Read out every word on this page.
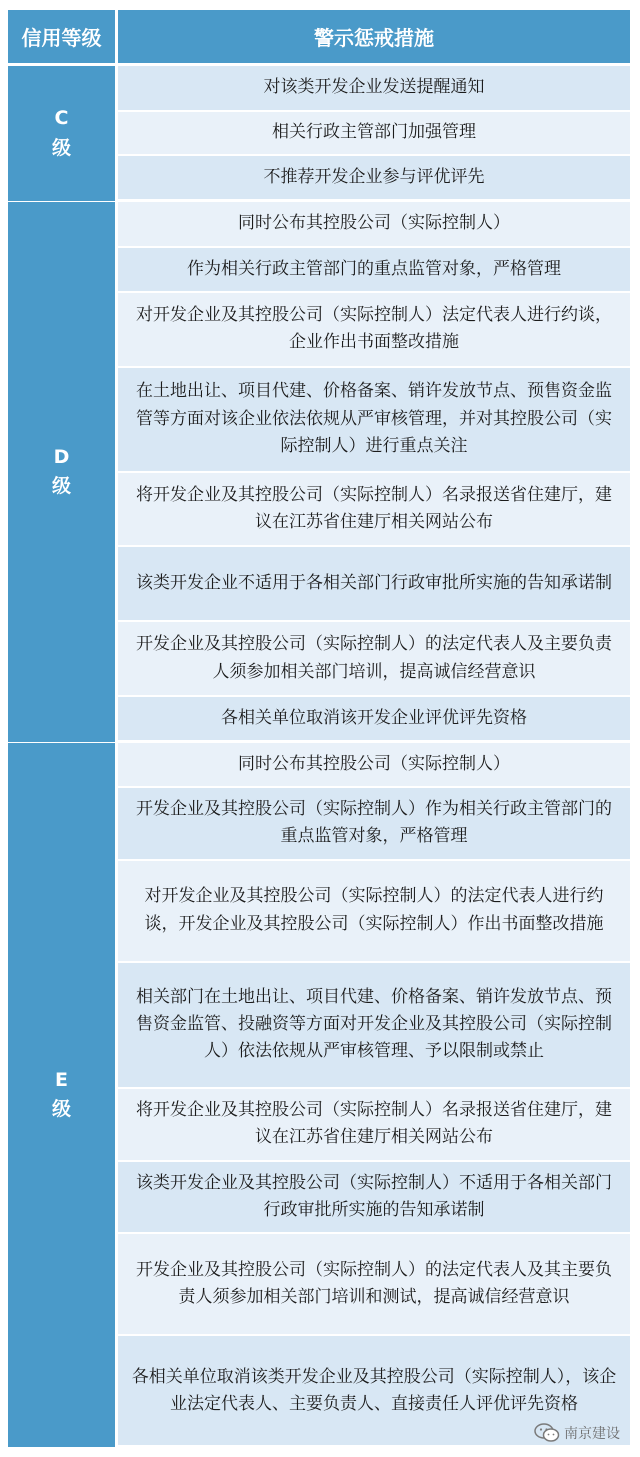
信用等级	警示惩戒措施
C
级
对该类开发企业发送提醒通知
相关行政主管部门加强管理
不推荐开发企业参与评优评先
D
级
同时公布其控股公司（实际控制人）
作为相关行政主管部门的重点监管对象，严格管理
对开发企业及其控股公司（实际控制人）法定代表人进行约谈，企业作出书面整改措施
在土地出让、项目代建、价格备案、销许发放节点、预售资金监管等方面对该企业依法依规从严审核管理，并对其控股公司（实际控制人）进行重点关注
将开发企业及其控股公司（实际控制人）名录报送省住建厅，建议在江苏省住建厅相关网站公布
该类开发企业不适用于各相关部门行政审批所实施的告知承诺制
开发企业及其控股公司（实际控制人）的法定代表人及主要负责人须参加相关部门培训，提高诚信经营意识
各相关单位取消该开发企业评优评先资格
E
级
同时公布其控股公司（实际控制人）
开发企业及其控股公司（实际控制人）作为相关行政主管部门的重点监管对象，严格管理
对开发企业及其控股公司（实际控制人）的法定代表人进行约谈，开发企业及其控股公司（实际控制人）作出书面整改措施
相关部门在土地出让、项目代建、价格备案、销许发放节点、预售资金监管、投融资等方面对开发企业及其控股公司（实际控制人）依法依规从严审核管理、予以限制或禁止
将开发企业及其控股公司（实际控制人）名录报送省住建厅，建议在江苏省住建厅相关网站公布
该类开发企业及其控股公司（实际控制人）不适用于各相关部门行政审批所实施的告知承诺制
开发企业及其控股公司（实际控制人）的法定代表人及其主要负责人须参加相关部门培训和测试，提高诚信经营意识
各相关单位取消该类开发企业及其控股公司（实际控制人），该企业法定代表人、主要负责人、直接责任人评优评先资格
南京建设
